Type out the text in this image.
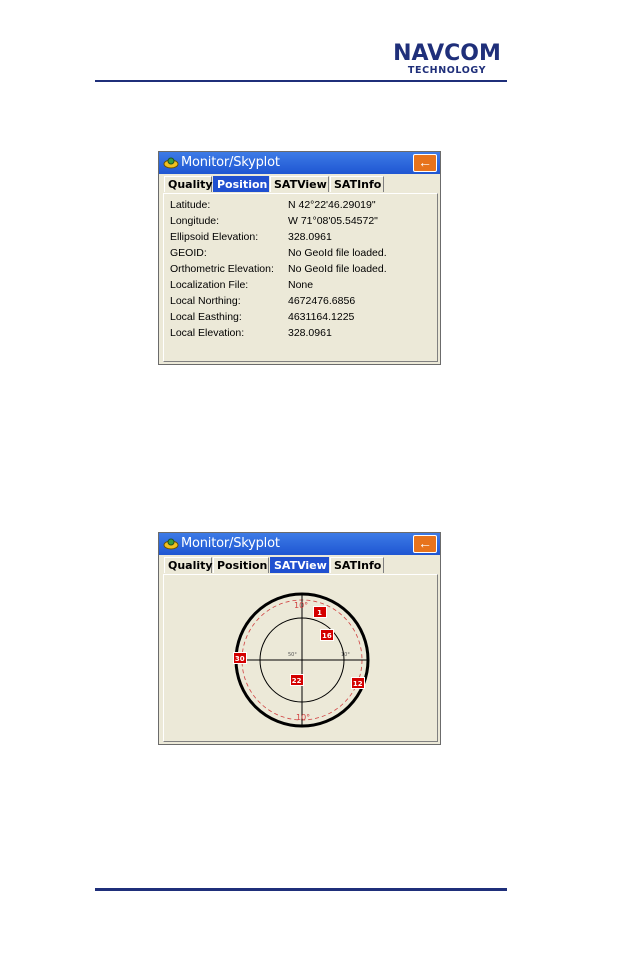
NAVCOM
TECHNOLOGY
Monitor/Skyplot	←
Quality Position SATView SATInfo
Latitude:	N 42°22'46.29019"
Longitude:	W 71°08'05.54572"
Ellipsoid Elevation:	328.0961
GEOID:	No GeoId file loaded.
Orthometric Elevation: No GeoId file loaded.
Localization File:	None
Local Northing:	4672476.6856
Local Easthing:	4631164.1225
Local Elevation:	328.0961
Monitor/Skyplot	←
Quality Position SATView SATInfo
10°
10°
50°	10°
1
16
30
22	12
